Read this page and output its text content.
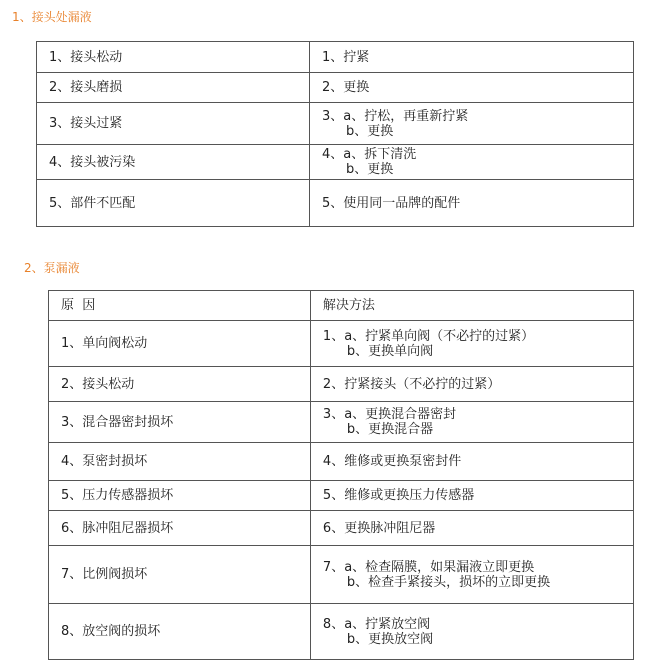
1、接头处漏液
1、接头松动	1、拧紧
2、接头磨损	2、更换
3、接头过紧	3、a、拧松，再重新拧紧
b、更换

4、接头被污染	4、a、拆下清洗
b、更换

5、部件不匹配	5、使用同一品牌的配件
2、泵漏液
原  因	解决方法
1、单向阀松动	1、a、拧紧单向阀（不必拧的过紧）
b、更换单向阀

2、接头松动	2、拧紧接头（不必拧的过紧）
3、混合器密封损坏	3、a、更换混合器密封
b、更换混合器

4、泵密封损坏	4、维修或更换泵密封件
5、压力传感器损坏	5、维修或更换压力传感器
6、脉冲阻尼器损坏	6、更换脉冲阻尼器
7、比例阀损坏	7、a、检查隔膜，如果漏液立即更换
b、检查手紧接头，损坏的立即更换

8、放空阀的损坏	8、a、拧紧放空阀
b、更换放空阀
